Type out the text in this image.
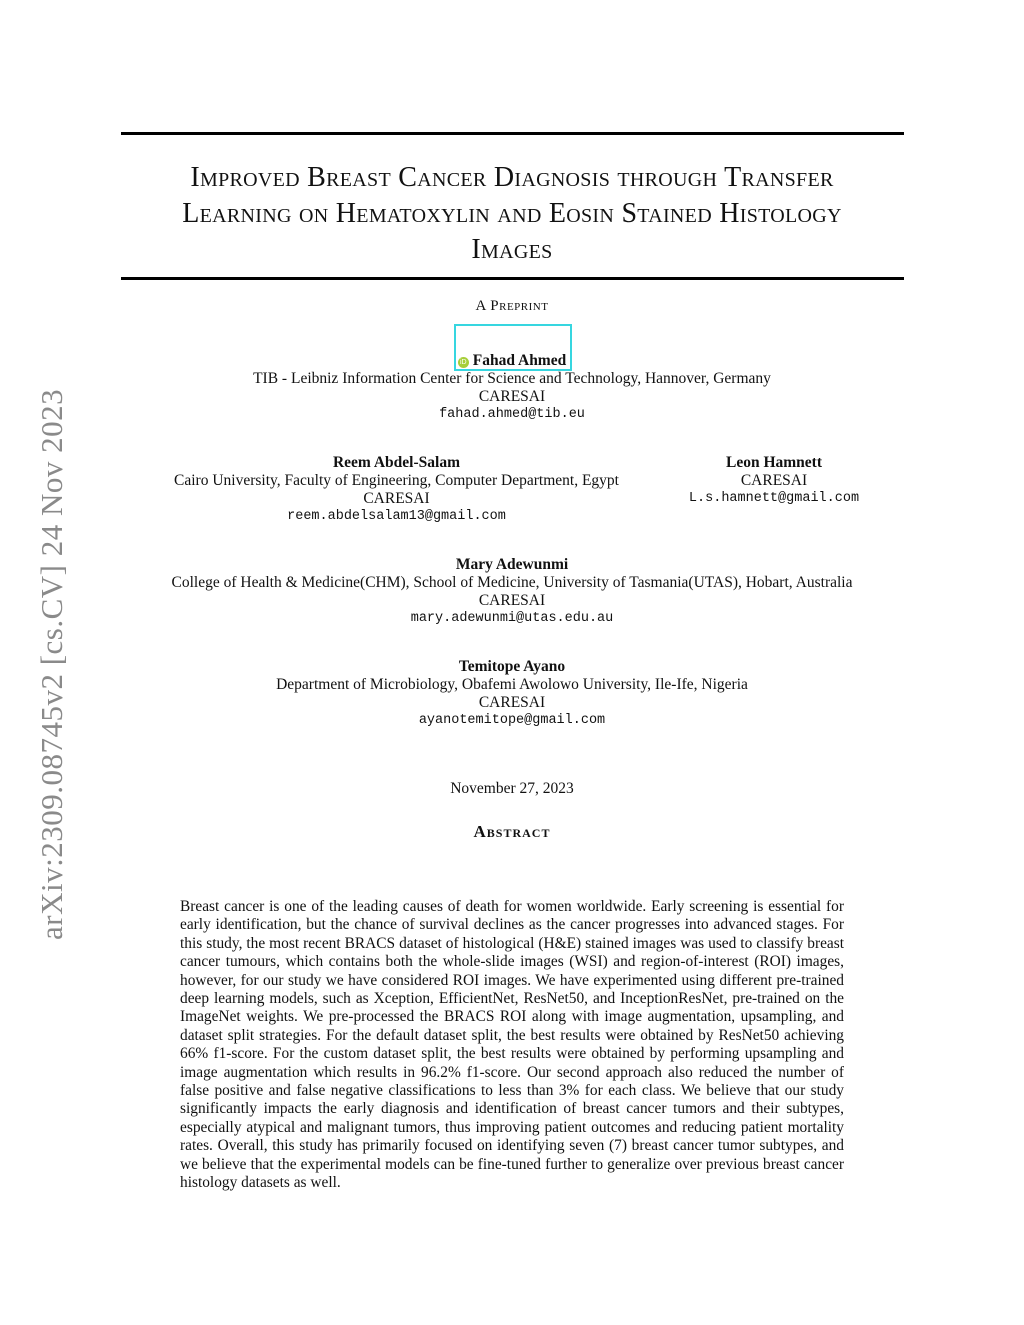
arXiv:2309.08745v2 [cs.CV] 24 Nov 2023
Improved Breast Cancer Diagnosis through Transfer
Learning on Hematoxylin and Eosin Stained Histology
Images
A Preprint
iD Fahad Ahmed
TIB - Leibniz Information Center for Science and Technology, Hannover, Germany
CARESAI
fahad.ahmed@tib.eu
Reem Abdel-Salam
Cairo University, Faculty of Engineering, Computer Department, Egypt
CARESAI
reem.abdelsalam13@gmail.com
Leon Hamnett
CARESAI
L.s.hamnett@gmail.com
Mary Adewunmi
College of Health & Medicine(CHM), School of Medicine, University of Tasmania(UTAS), Hobart, Australia
CARESAI
mary.adewunmi@utas.edu.au
Temitope Ayano
Department of Microbiology, Obafemi Awolowo University, Ile-Ife, Nigeria
CARESAI
ayanotemitope@gmail.com
November 27, 2023
Abstract
Breast cancer is one of the leading causes of death for women worldwide. Early screening is essential for early identification, but the chance of survival declines as the cancer progresses into advanced stages. For this study, the most recent BRACS dataset of histological (H&E) stained images was used to classify breast cancer tumours, which contains both the whole-slide images (WSI) and region-of-interest (ROI) images, however, for our study we have considered ROI images. We have experimented using different pre-trained deep learning models, such as Xception, EfficientNet, ResNet50, and InceptionResNet, pre-trained on the ImageNet weights. We pre-processed the BRACS ROI along with image augmentation, upsampling, and dataset split strategies. For the default dataset split, the best results were obtained by ResNet50 achieving 66% f1-score. For the custom dataset split, the best results were obtained by performing upsampling and image augmentation which results in 96.2% f1-score. Our second approach also reduced the number of false positive and false negative classifications to less than 3% for each class. We believe that our study significantly impacts the early diagnosis and identification of breast cancer tumors and their subtypes, especially atypical and malignant tumors, thus improving patient outcomes and reducing patient mortality rates. Overall, this study has primarily focused on identifying seven (7) breast cancer tumor subtypes, and we believe that the experimental models can be fine-tuned further to generalize over previous breast cancer histology datasets as well.
